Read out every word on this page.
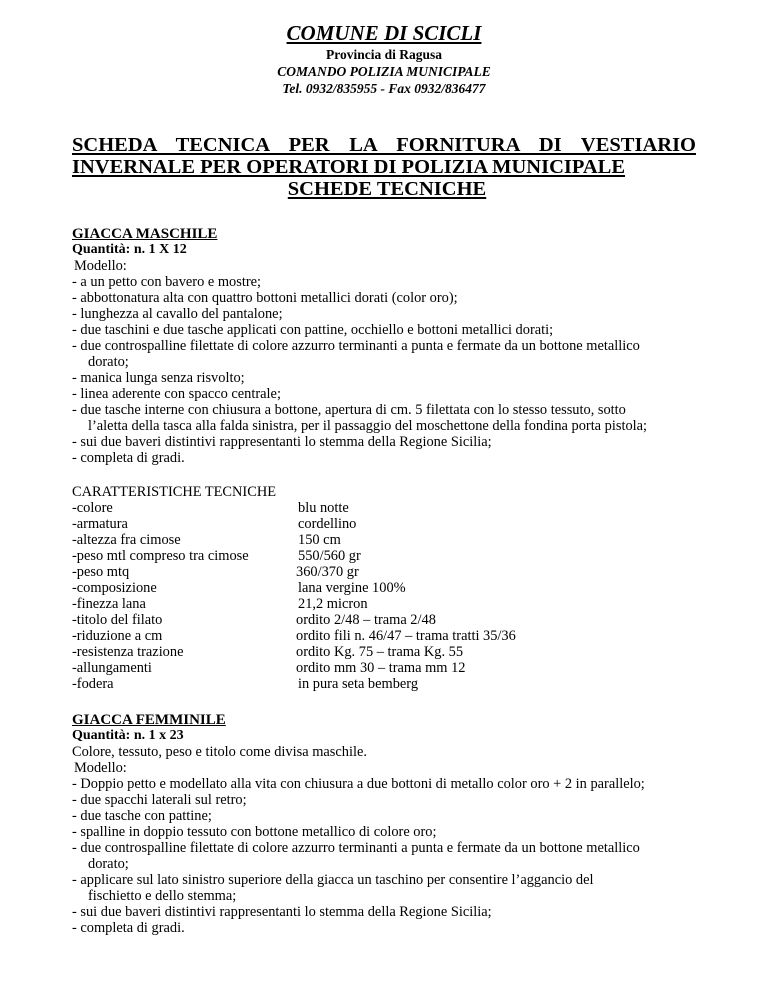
COMUNE DI SCICLI
Provincia di Ragusa
COMANDO POLIZIA MUNICIPALE
Tel. 0932/835955 - Fax 0932/836477
SCHEDA TECNICA PER LA FORNITURA DI VESTIARIO
INVERNALE PER OPERATORI DI POLIZIA MUNICIPALE
SCHEDE TECNICHE
GIACCA MASCHILE
Quantità: n. 1 X 12
Modello:
- a un petto con bavero e mostre;
- abbottonatura alta con quattro bottoni metallici dorati (color oro);
- lunghezza al cavallo del pantalone;
- due taschini e due tasche applicati con pattine, occhiello e bottoni metallici dorati;
- due controspalline filettate di colore azzurro terminanti a punta e fermate da un bottone metallico
dorato;
- manica lunga senza risvolto;
- linea aderente con spacco centrale;
- due tasche interne con chiusura a bottone, apertura di cm. 5 filettata con lo stesso tessuto, sotto
l’aletta della tasca alla falda sinistra, per il passaggio del moschettone della fondina porta pistola;
- sui due baveri distintivi rappresentanti lo stemma della Regione Sicilia;
- completa di gradi.
CARATTERISTICHE TECNICHE
-colore	blu notte
-armatura	cordellino
-altezza fra cimose	150 cm
-peso mtl compreso tra cimose	550/560 gr
-peso mtq	360/370 gr
-composizione	lana vergine 100%
-finezza lana	21,2 micron
-titolo del filato	ordito 2/48 – trama 2/48
-riduzione a cm	ordito fili n. 46/47 – trama tratti 35/36
-resistenza trazione	ordito Kg. 75 – trama Kg. 55
-allungamenti	ordito mm 30 – trama mm 12
-fodera	in pura seta bemberg
GIACCA FEMMINILE
Quantità: n. 1 x 23
Colore, tessuto, peso e titolo come divisa maschile.
Modello:
- Doppio petto e modellato alla vita con chiusura a due bottoni di metallo color oro + 2 in parallelo;
- due spacchi laterali sul retro;
- due tasche con pattine;
- spalline in doppio tessuto con bottone metallico di colore oro;
- due controspalline filettate di colore azzurro terminanti a punta e fermate da un bottone metallico
dorato;
- applicare sul lato sinistro superiore della giacca un taschino per consentire l’aggancio del
fischietto e dello stemma;
- sui due baveri distintivi rappresentanti lo stemma della Regione Sicilia;
- completa di gradi.
